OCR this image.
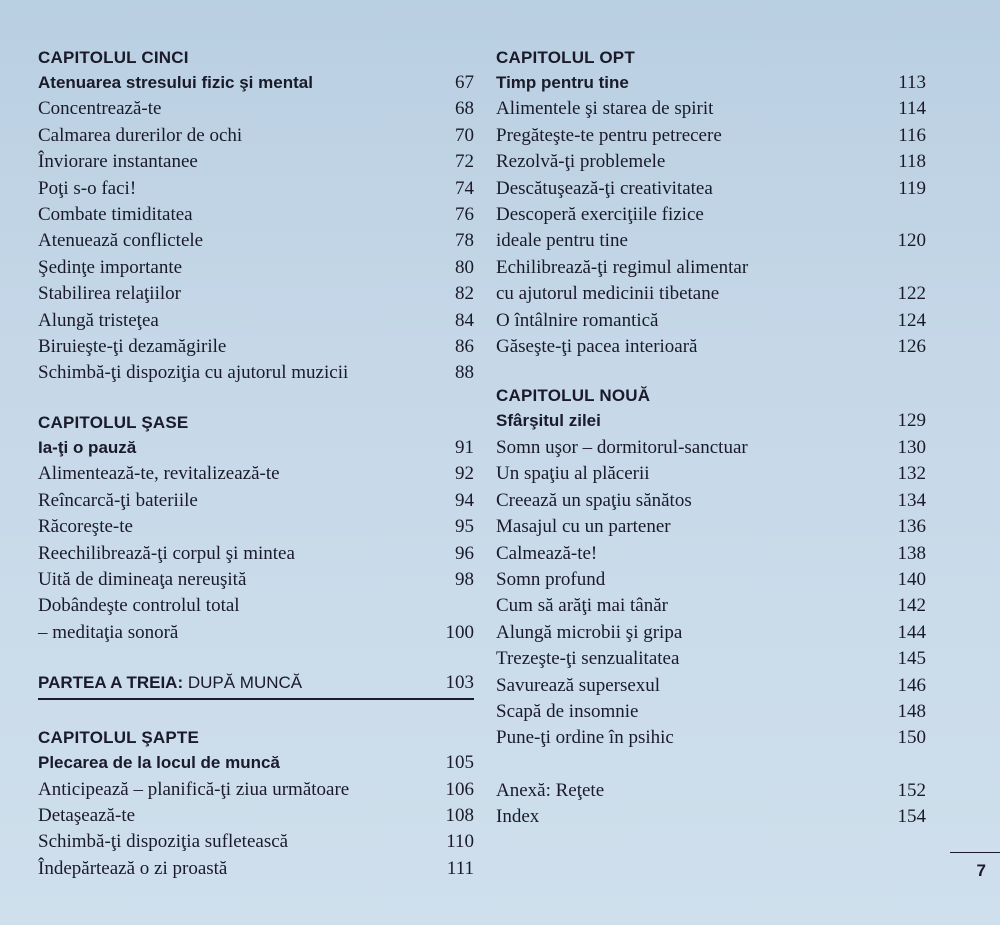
CAPITOLUL CINCI
Atenuarea stresului fizic şi mental	67
Concentrează-te	68
Calmarea durerilor de ochi	70
Înviorare instantanee	72
Poţi s-o faci!	74
Combate timiditatea	76
Atenuează conflictele	78
Şedinţe importante	80
Stabilirea relaţiilor	82
Alungă tristeţea	84
Biruieşte-ţi dezamăgirile	86
Schimbă-ţi dispoziţia cu ajutorul muzicii	88
CAPITOLUL ŞASE
Ia-ţi o pauză	91
Alimentează-te, revitalizează-te	92
Reîncarcă-ţi bateriile	94
Răcoreşte-te	95
Reechilibrează-ţi corpul şi mintea	96
Uită de dimineaţa nereuşită	98
Dobândeşte controlul total
– meditaţia sonoră	100
PARTEA A TREIA: DUPĂ MUNCĂ	103
CAPITOLUL ŞAPTE
Plecarea de la locul de muncă	105
Anticipează – planifică-ţi ziua următoare	106
Detaşează-te	108
Schimbă-ţi dispoziţia sufletească	110
Îndepărtează o zi proastă	111
CAPITOLUL OPT
Timp pentru tine	113
Alimentele şi starea de spirit	114
Pregăteşte-te pentru petrecere	116
Rezolvă-ţi problemele	118
Descătuşează-ţi creativitatea	119
Descoperă exerciţiile fizice
ideale pentru tine	120
Echilibrează-ţi regimul alimentar
cu ajutorul medicinii tibetane	122
O întâlnire romantică	124
Găseşte-ţi pacea interioară	126
CAPITOLUL NOUĂ
Sfârşitul zilei	129
Somn uşor – dormitorul-sanctuar	130
Un spaţiu al plăcerii	132
Creează un spaţiu sănătos	134
Masajul cu un partener	136
Calmează-te!	138
Somn profund	140
Cum să arăţi mai tânăr	142
Alungă microbii şi gripa	144
Trezeşte-ţi senzualitatea	145
Savurează supersexul	146
Scapă de insomnie	148
Pune-ţi ordine în psihic	150
Anexă: Reţete	152
Index	154
7
